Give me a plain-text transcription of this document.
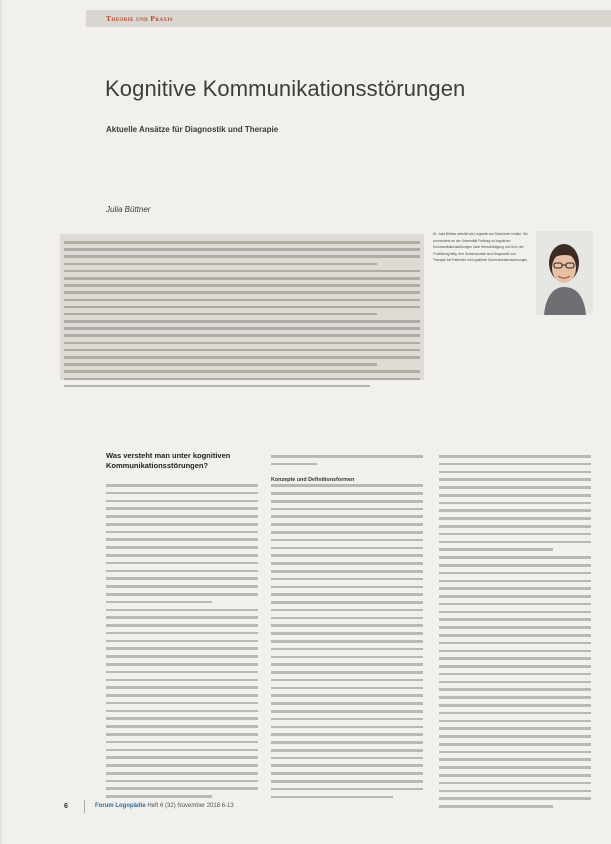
Theorie und Praxis
Kognitive Kommunikationsstörungen
Aktuelle Ansätze für Diagnostik und Therapie
Julia Büttner
Dr. Julia Büttner arbeitet als Linguistin am Schmieder Institut. Sie promovierte an der Universität Freiburg zu kognitiven Kommunikationsstörungen nach Hirnschädigung und ist in der Fortbildung tätig. Ihre Schwerpunkte sind Diagnostik und Therapie bei Patienten mit kognitiven Kommunikationsstörungen.
Was versteht man unter kognitiven Kommunikationsstörungen?
Konzepte und Definitionsformen
6	Forum Logopädie Heft 6 (32) November 2018 6-13
